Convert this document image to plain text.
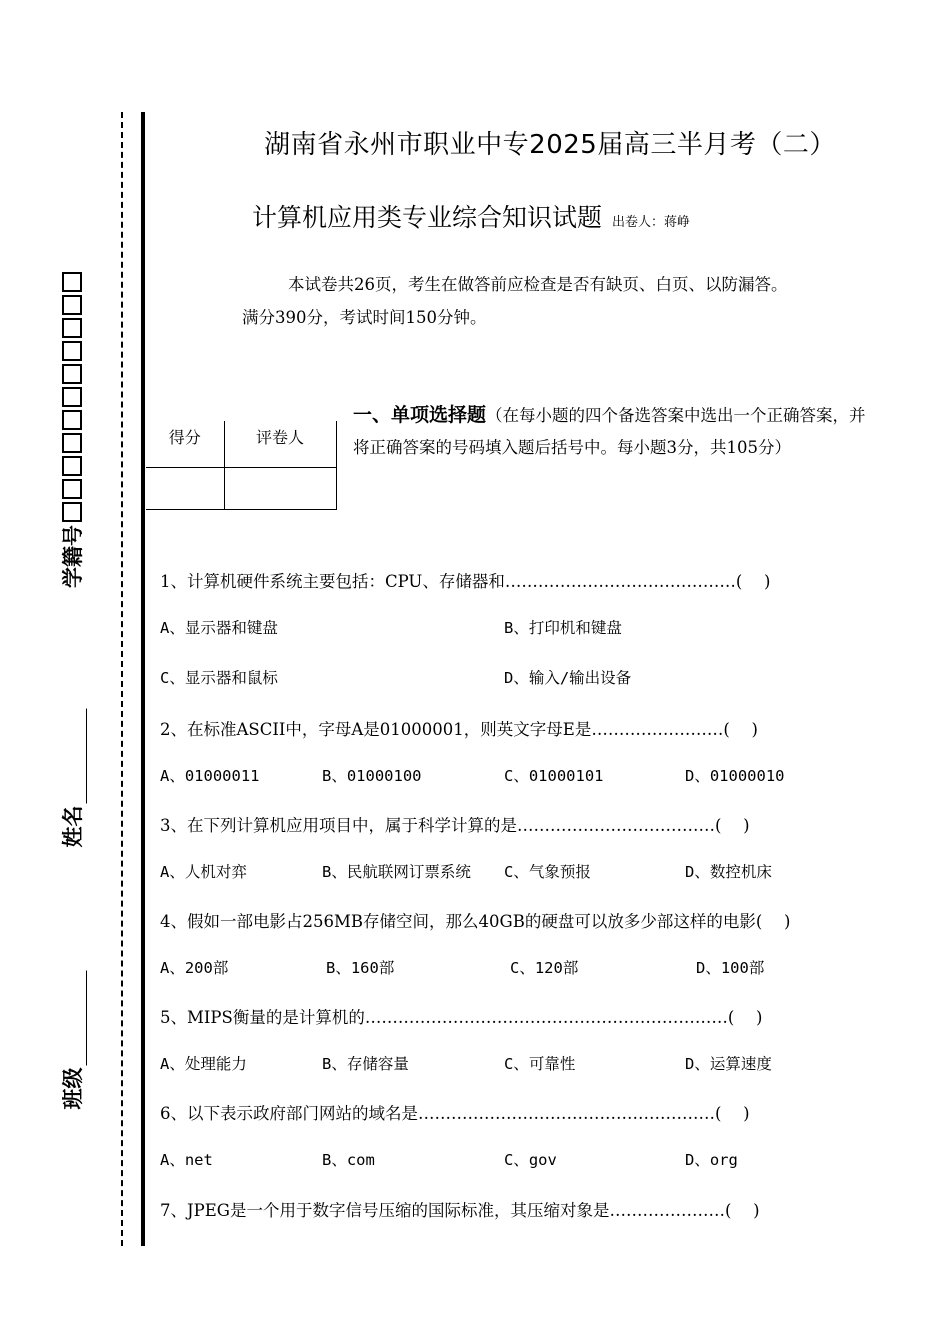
班级
姓名
学籍号
湖南省永州市职业中专2025届高三半月考（二）
计算机应用类专业综合知识试题 出卷人：蒋峥
本试卷共26页，考生在做答前应检查是否有缺页、白页、以防漏答。
满分390分，考试时间150分钟。
得分	评卷人

一、单项选择题（在每小题的四个备选答案中选出一个正确答案，并将正确答案的号码填入题后括号中。每小题3分，共105分）
1、计算机硬件系统主要包括：CPU、存储器和……………………………………(　 )
A、显示器和键盘	B、打印机和键盘
C、显示器和鼠标	D、输入/输出设备
2、在标准ASCII中，字母A是01000001，则英文字母E是……………………(　 )
A、01000011	B、01000100	C、01000101	D、01000010
3、在下列计算机应用项目中，属于科学计算的是………………………………(　 )
A、人机对弈	B、民航联网订票系统 C、气象预报	D、数控机床
4、假如一部电影占256MB存储空间，那么40GB的硬盘可以放多少部这样的电影(　 )
A、200部	B、160部	C、120部	D、100部
5、MIPS衡量的是计算机的…………………………………………………………(　 )
A、处理能力	B、存储容量	C、可靠性	D、运算速度
6、以下表示政府部门网站的域名是………………………………………………(　 )
A、net	B、com	C、gov	D、org
7、JPEG是一个用于数字信号压缩的国际标准，其压缩对象是…………………(　 )
